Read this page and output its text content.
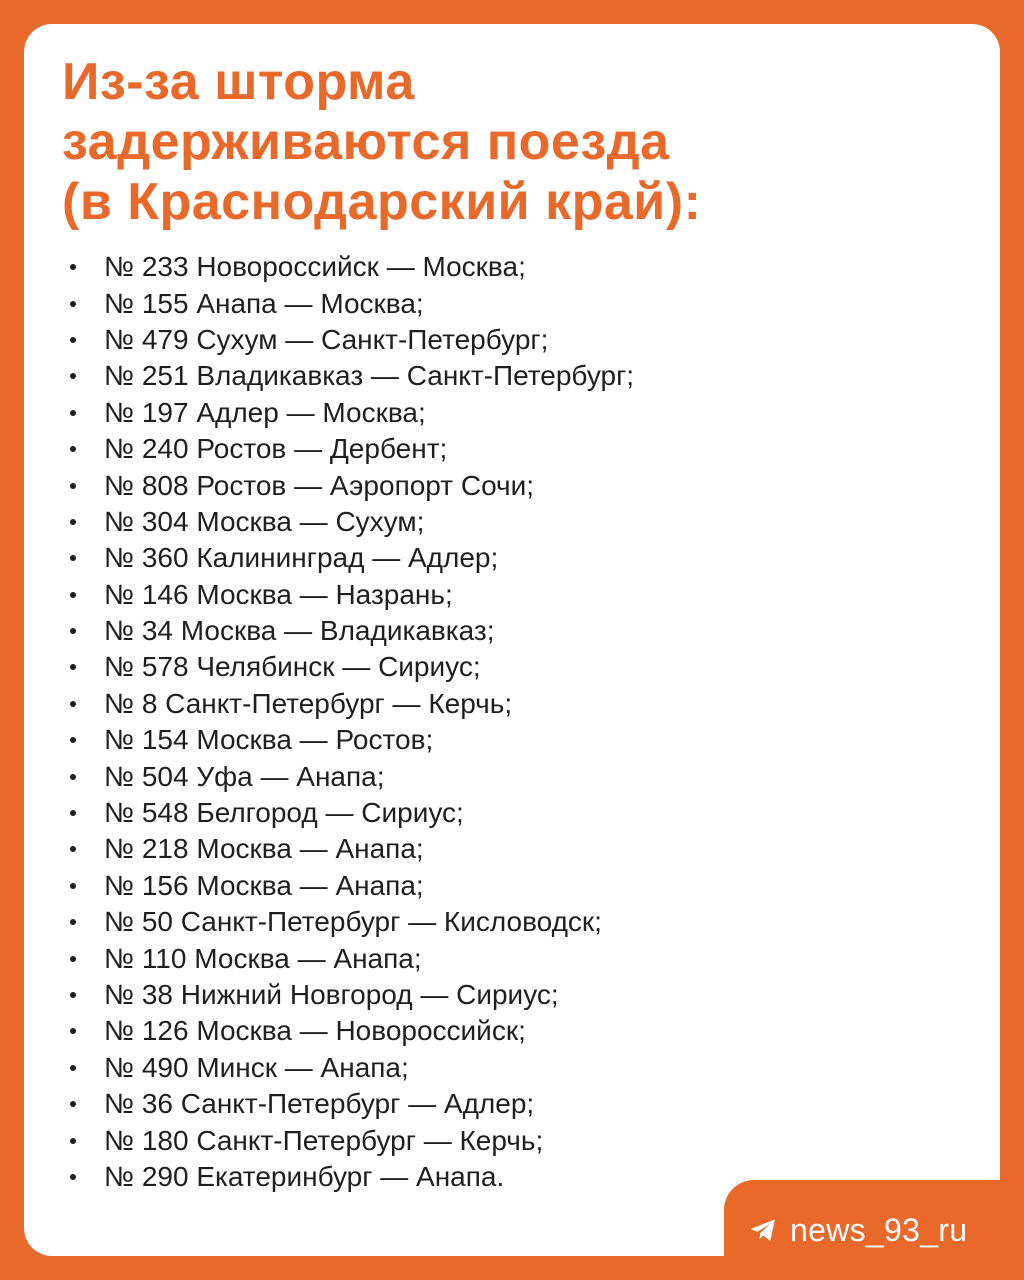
Из-за шторма
задерживаются поезда
(в Краснодарский край):
№ 233 Новороссийск — Москва;
№ 155 Анапа — Москва;
№ 479 Сухум — Санкт-Петербург;
№ 251 Владикавказ — Санкт-Петербург;
№ 197 Адлер — Москва;
№ 240 Ростов — Дербент;
№ 808 Ростов — Аэропорт Сочи;
№ 304 Москва — Сухум;
№ 360 Калининград — Адлер;
№ 146 Москва — Назрань;
№ 34 Москва — Владикавказ;
№ 578 Челябинск — Сириус;
№ 8 Санкт-Петербург — Керчь;
№ 154 Москва — Ростов;
№ 504 Уфа — Анапа;
№ 548 Белгород — Сириус;
№ 218 Москва — Анапа;
№ 156 Москва — Анапа;
№ 50 Санкт-Петербург — Кисловодск;
№ 110 Москва — Анапа;
№ 38 Нижний Новгород — Сириус;
№ 126 Москва — Новороссийск;
№ 490 Минск — Анапа;
№ 36 Санкт-Петербург — Адлер;
№ 180 Санкт-Петербург — Керчь;
№ 290 Екатеринбург — Анапа.
news_93_ru
